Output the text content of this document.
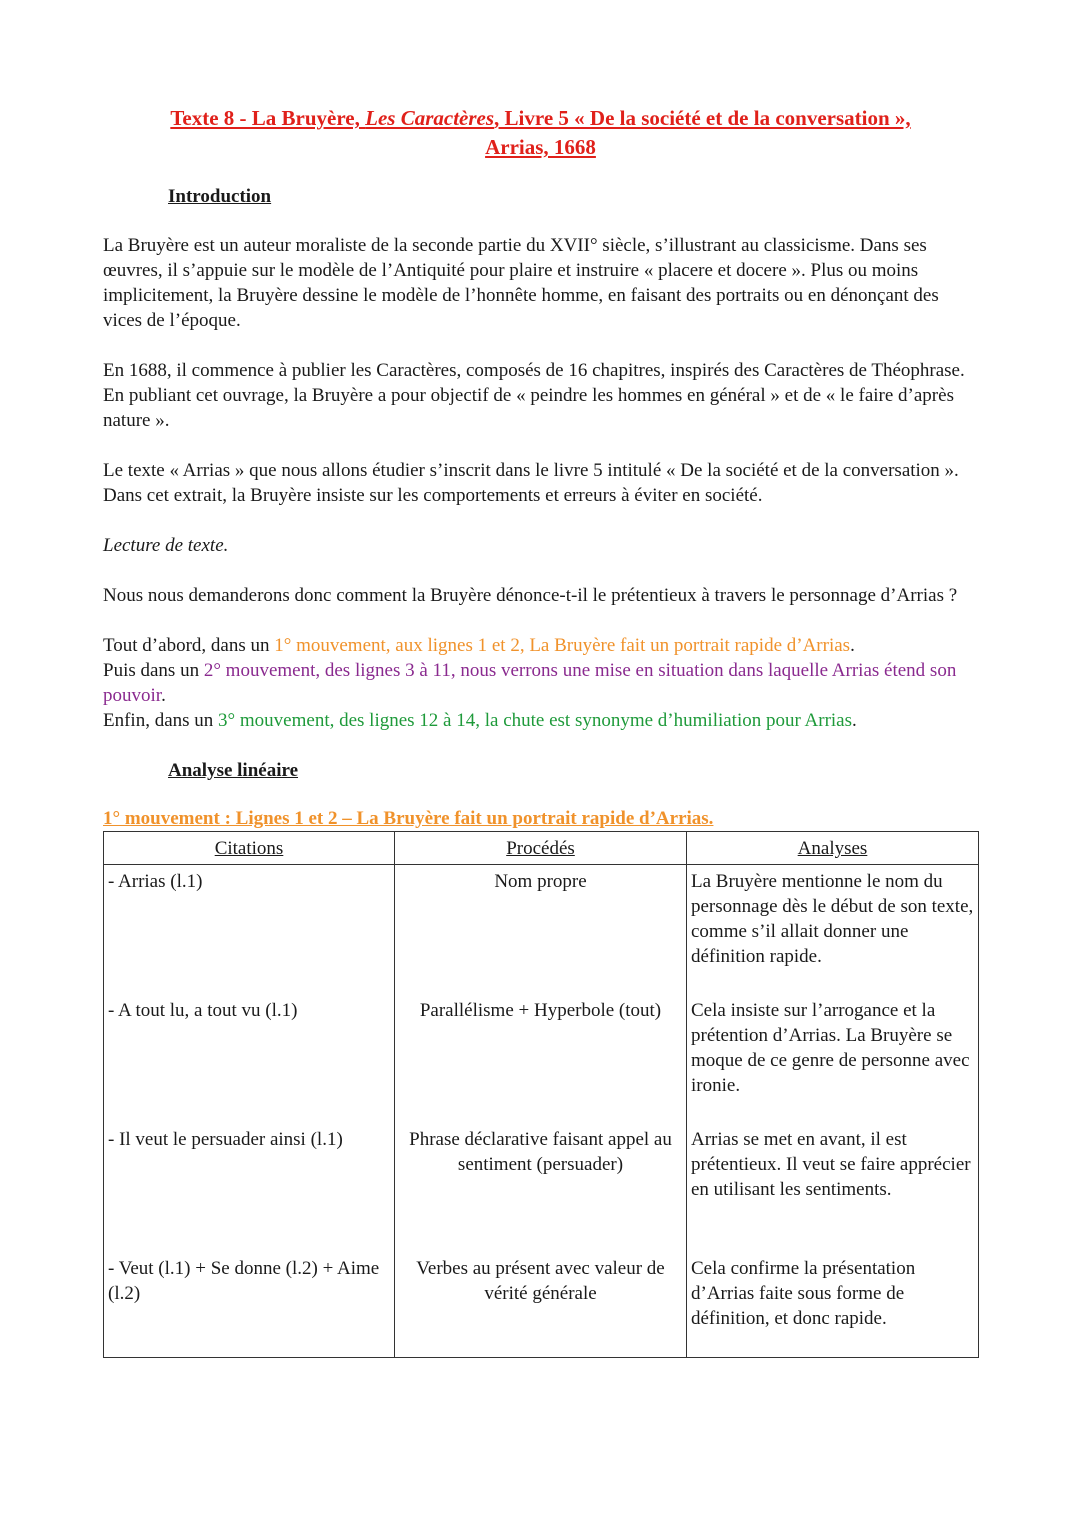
Texte 8 - La Bruyère, Les Caractères, Livre 5 « De la société et de la conversation », Arrias, 1668
Introduction

La Bruyère est un auteur moraliste de la seconde partie du XVII° siècle, s’illustrant au classicisme. Dans ses œuvres, il s’appuie sur le modèle de l’Antiquité pour plaire et instruire « placere et docere ». Plus ou moins implicitement, la Bruyère dessine le modèle de l’honnête homme, en faisant des portraits ou en dénonçant des vices de l’époque.

En 1688, il commence à publier les Caractères, composés de 16 chapitres, inspirés des Caractères de Théophrase. En publiant cet ouvrage, la Bruyère a pour objectif de « peindre les hommes en général » et de « le faire d’après nature ».

Le texte « Arrias » que nous allons étudier s’inscrit dans le livre 5 intitulé « De la société et de la conversation ». Dans cet extrait, la Bruyère insiste sur les comportements et erreurs à éviter en société.

Lecture de texte.

Nous nous demanderons donc comment la Bruyère dénonce-t-il le prétentieux à travers le personnage d’Arrias ?

Tout d’abord, dans un 1° mouvement, aux lignes 1 et 2, La Bruyère fait un portrait rapide d’Arrias.

Puis dans un 2° mouvement, des lignes 3 à 11, nous verrons une mise en situation dans laquelle Arrias étend son pouvoir.

Enfin, dans un 3° mouvement, des lignes 12 à 14, la chute est synonyme d’humiliation pour Arrias.

Analyse linéaire
1° mouvement : Lignes 1 et 2 – La Bruyère fait un portrait rapide d’Arrias.
Citations	Procédés	Analyses
- Arrias (l.1)	Nom propre	La Bruyère mentionne le nom du personnage dès le début de son texte, comme s’il allait donner une définition rapide.
- A tout lu, a tout vu (l.1)	Parallélisme + Hyperbole (tout)	Cela insiste sur l’arrogance et la prétention d’Arrias. La Bruyère se moque de ce genre de personne avec ironie.
- Il veut le persuader ainsi (l.1)	Phrase déclarative faisant appel au sentiment (persuader)	Arrias se met en avant, il est prétentieux. Il veut se faire apprécier en utilisant les sentiments.
- Veut (l.1) + Se donne (l.2) + Aime (l.2)	Verbes au présent avec valeur de vérité générale	Cela confirme la présentation d’Arrias faite sous forme de définition, et donc rapide.
